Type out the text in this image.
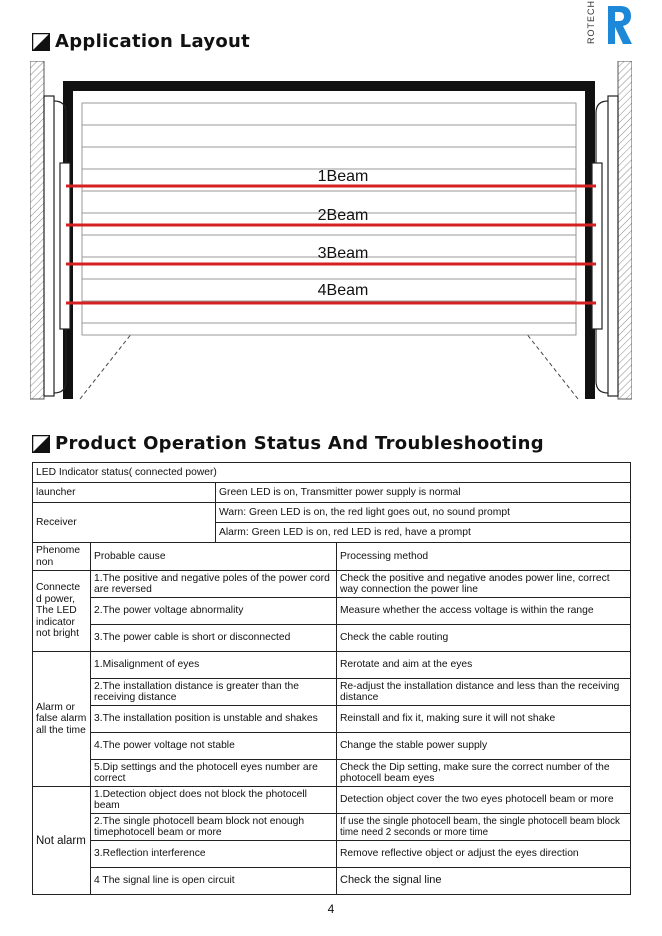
ROTECH
Application Layout
1Beam
2Beam
3Beam
4Beam
Product Operation Status And Troubleshooting
LED Indicator status( connected power)			
launcher		Green LED is on, Transmitter power supply is normal	
Receiver		Warn: Green LED is on, the red light goes out, no sound prompt	
		Alarm: Green LED is on, red LED is red, have a prompt	
Phenome non	Probable cause		Processing method
Connecte d power, The LED indicator not bright	1.The positive and negative poles of the power cord are reversed		Check the positive and negative anodes power line, correct way connection the power line
	2.The power voltage abnormality		Measure whether the access voltage is within the range
	3.The power cable is short or disconnected		Check the cable routing
Alarm or false alarm all the time	1.Misalignment of eyes		Rerotate and aim at the eyes
	2.The installation distance is greater than the receiving distance		Re-adjust the installation distance and less than the receiving distance
	3.The installation position is unstable and shakes		Reinstall and fix it, making sure it will not shake
	4.The power voltage not stable		Change the stable power supply
	5.Dip settings and the photocell eyes number are correct		Check the Dip setting, make sure the correct number of the photocell beam eyes
Not alarm	1.Detection object does not block the photocell beam		Detection object cover the two eyes photocell beam or more
	2.The single photocell beam block not enough timephotocell beam or more		If use the single photocell beam, the single photocell beam block time need 2 seconds or more time
	3.Reflection interference		Remove reflective object or adjust the eyes direction
	4 The signal line is open circuit		Check the signal line
4
